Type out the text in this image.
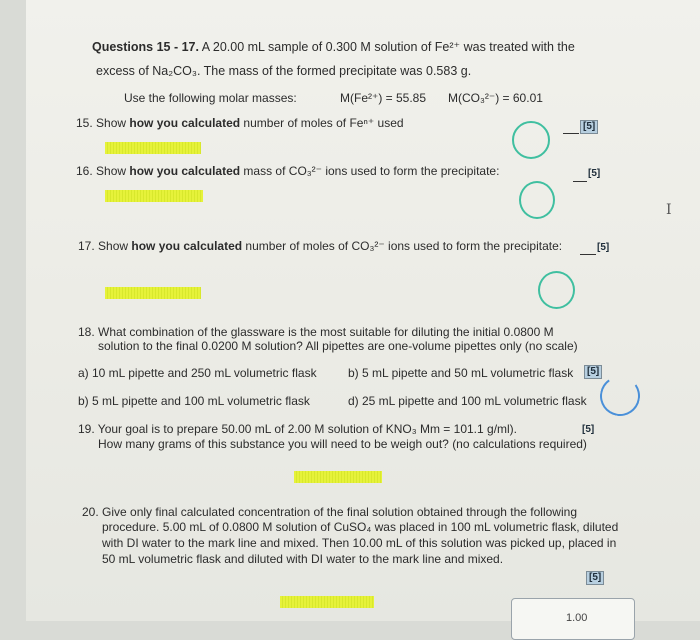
Questions 15 - 17. A 20.00 mL sample of 0.300 M solution of Fe²⁺ was treated with the
excess of Na₂CO₃. The mass of the formed precipitate was 0.583 g.
Use the following molar masses:	M(Fe²⁺) = 55.85 M(CO₃²⁻) = 60.01
15. Show how you calculated number of moles of Feⁿ⁺ used	[5]
16. Show how you calculated mass of CO₃²⁻ ions used to form the precipitate:	[5]
I
17. Show how you calculated number of moles of CO₃²⁻ ions used to form the precipitate:	[5]
18. What combination of the glassware is the most suitable for diluting the initial 0.0800 M
solution to the final 0.0200 M solution? All pipettes are one-volume pipettes only (no scale)
a) 10 mL pipette and 250 mL volumetric flask	b) 5 mL pipette and 50 mL volumetric flask	[5]
b) 5 mL pipette and 100 mL volumetric flask	d) 25 mL pipette and 100 mL volumetric flask
19. Your goal is to prepare 50.00 mL of 2.00 M solution of KNO₃ Mm = 101.1 g/ml).	[5]
How many grams of this substance you will need to be weigh out? (no calculations required)
20. Give only final calculated concentration of the final solution obtained through the following
procedure. 5.00 mL of 0.0800 M solution of CuSO₄ was placed in 100 mL volumetric flask, diluted
with DI water to the mark line and mixed. Then 10.00 mL of this solution was picked up, placed in
50 mL volumetric flask and diluted with DI water to the mark line and mixed.
[5]
1.00
